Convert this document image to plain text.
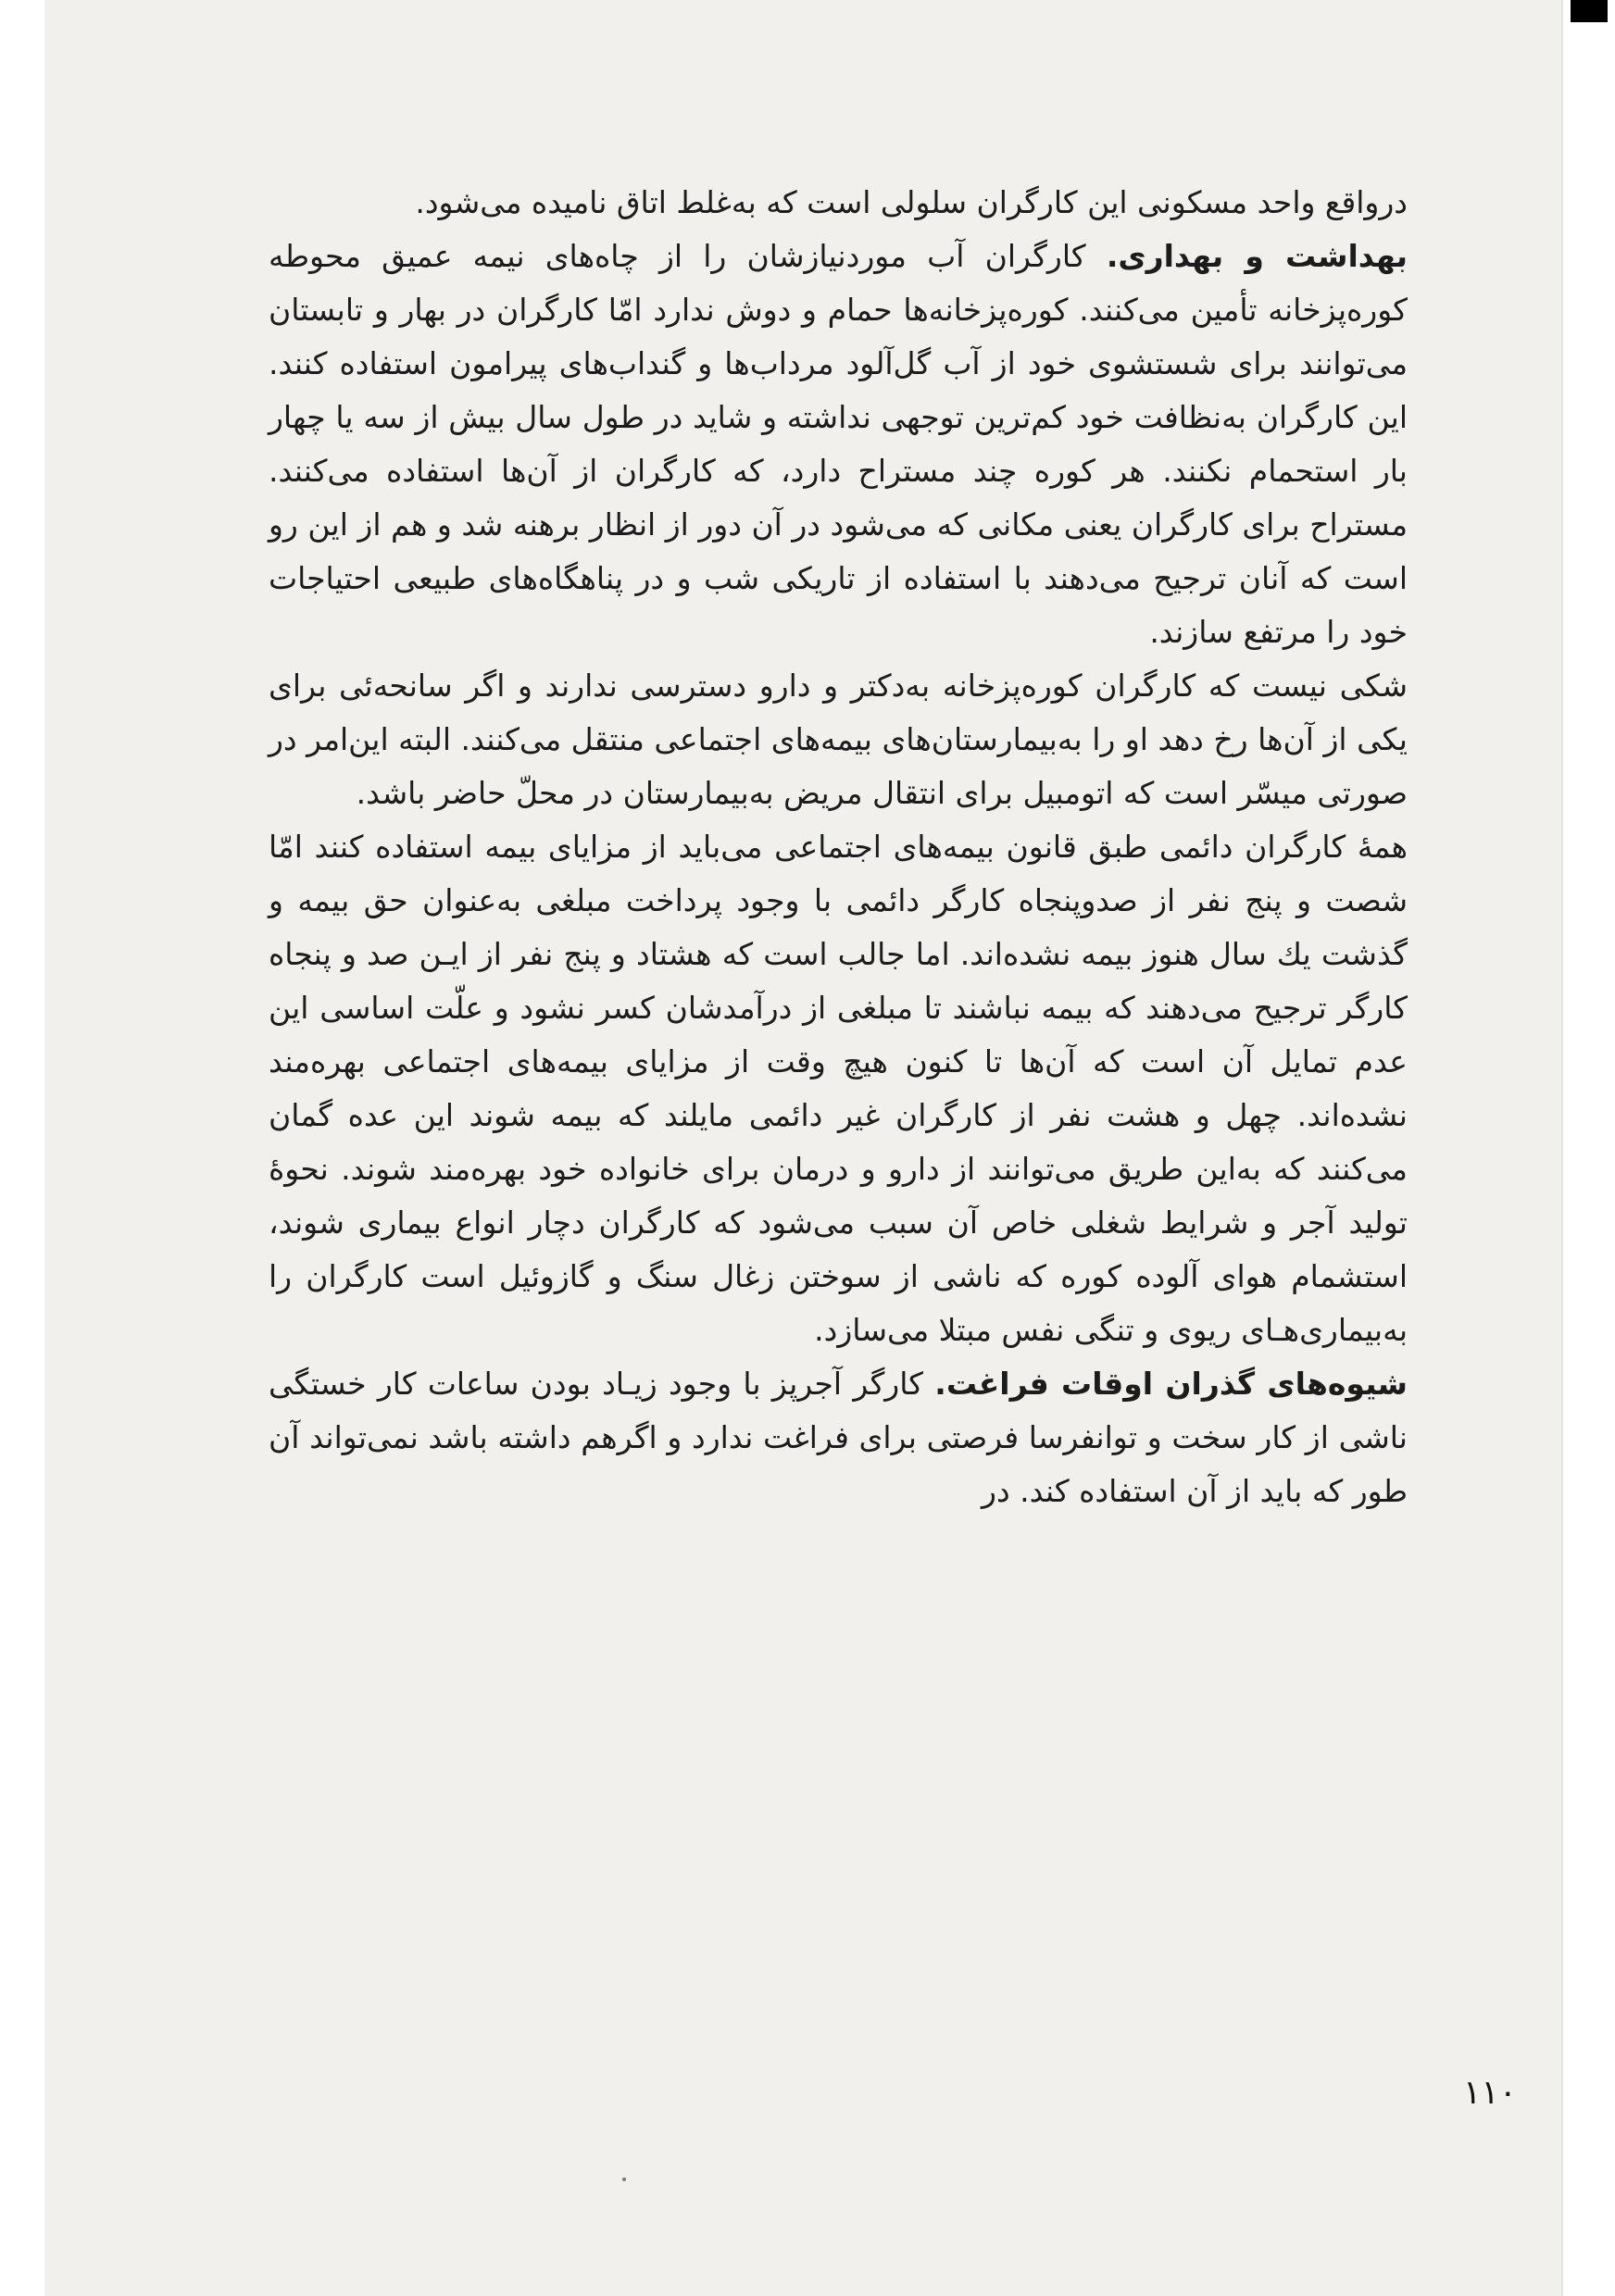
درواقع واحد مسکونی این کارگران سلولی است که به‌غلط اتاق نامیده می‌شود.

بهداشت و بهداری. کارگران آب موردنیازشان را از چاه‌های نیمه عمیق محوطه کوره‌پزخانه تأمین می‌کنند. کوره‌پزخانه‌ها حمام و دوش ندارد امّا کارگران در بهار و تابستان می‌توانند برای شستشوی خود از آب گل‌آلود مرداب‌ها و گنداب‌های پیرامون استفاده کنند. این کارگران به‌نظافت خود کم‌ترین توجهی نداشته و شاید در طول سال بیش از سه یا چهار بار استحمام نکنند. هر کوره چند مستراح دارد، که کارگران از آن‌ها استفاده می‌کنند. مستراح برای کارگران یعنی مکانی که می‌شود در آن دور از انظار برهنه شد و هم از این رو است که آنان ترجیح می‌دهند با استفاده از تاریکی شب و در پناهگاه‌های طبیعی احتیاجات خود را مرتفع سازند.

شکی نیست که کارگران کوره‌پزخانه به‌دکتر و دارو دسترسی ندارند و اگر سانحه‌ئی برای یکی از آن‌ها رخ دهد او را به‌بیمارستان‌های بیمه‌های اجتماعی منتقل می‌کنند. البته این‌امر در صورتی میسّر است که اتومبیل برای انتقال مریض به‌بیمارستان در محلّ حاضر باشد.

همهٔ کارگران دائمی طبق قانون بیمه‌های اجتماعی می‌باید از مزایای بیمه استفاده کنند امّا شصت و پنج نفر از صدوپنجاه کارگر دائمی با وجود پرداخت مبلغی به‌عنوان حق بیمه و گذشت یك سال هنوز بیمه نشده‌اند. اما جالب است که هشتاد و پنج نفر از ایـن صد و پنجاه کارگر ترجیح می‌دهند که بیمه نباشند تا مبلغی از درآمدشان کسر نشود و علّت اساسی این عدم تمایل آن است که آن‌ها تا کنون هیچ وقت از مزایای بیمه‌های اجتماعی بهره‌مند نشده‌اند. چهل و هشت نفر از کارگران غیر دائمی مایلند که بیمه شوند این عده گمان می‌کنند که به‌این طریق می‌توانند از دارو و درمان برای خانواده خود بهره‌مند شوند. نحوهٔ تولید آجر و شرایط شغلی خاص آن سبب می‌شود که کارگران دچار انواع بیماری شوند، استشمام هوای آلوده کوره که ناشی از سوختن زغال سنگ و گازوئیل است کارگران را به‌بیماری‌هـای ریوی و تنگی نفس مبتلا می‌سازد.

شیوه‌های گذران اوقات فراغت. کارگر آجرپز با وجود زیـاد بودن ساعات کار خستگی ناشی از کار سخت و توانفرسا فرصتی برای فراغت ندارد و اگرهم داشته باشد نمی‌تواند آن طور که باید از آن استفاده کند. در

۱۱۰
